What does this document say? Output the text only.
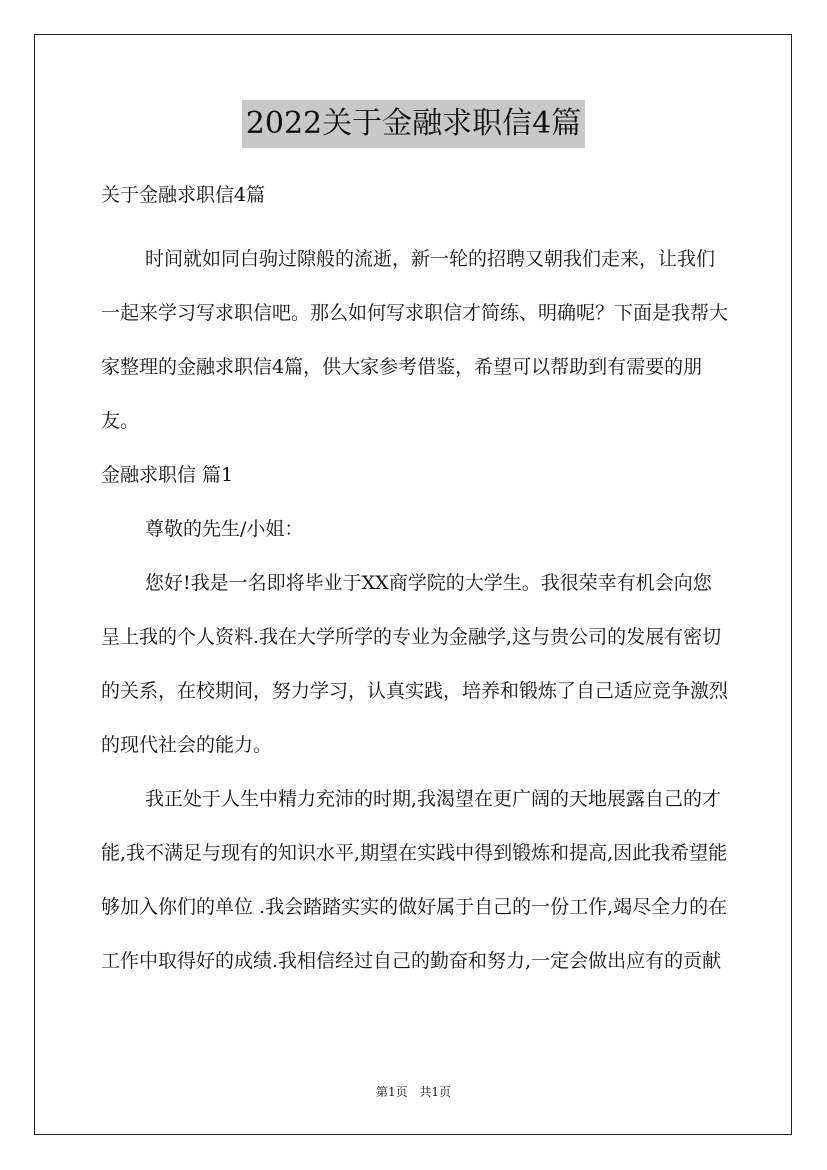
2022关于金融求职信4篇

关于金融求职信4篇

时间就如同白驹过隙般的流逝，新一轮的招聘又朝我们走来，让我们一起来学习写求职信吧。那么如何写求职信才简练、明确呢？下面是我帮大家整理的金融求职信4篇，供大家参考借鉴，希望可以帮助到有需要的朋友。

金融求职信 篇1

尊敬的先生/小姐：

您好!我是一名即将毕业于XX商学院的大学生。我很荣幸有机会向您呈上我的个人资料.我在大学所学的专业为金融学,这与贵公司的发展有密切的关系，在校期间，努力学习，认真实践，培养和锻炼了自己适应竞争激烈的现代社会的能力。

我正处于人生中精力充沛的时期,我渴望在更广阔的天地展露自己的才能,我不满足与现有的知识水平,期望在实践中得到锻炼和提高,因此我希望能够加入你们的单位 .我会踏踏实实的做好属于自己的一份工作,竭尽全力的在工作中取得好的成绩.我相信经过自己的勤奋和努力,一定会做出应有的贡献

第1页 共1页
